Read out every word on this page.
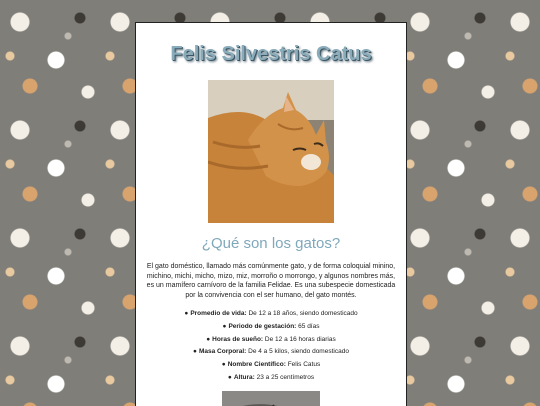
Felis Silvestris Catus
¿Qué son los gatos?

El gato doméstico, llamado más comúnmente gato, y de forma coloquial minino, michino, michi, micho, mizo, miz, morroño o morrongo, y algunos nombres más, es un mamífero carnívoro de la familia Felidae. Es una subespecie domesticada por la convivencia con el ser humano, del gato montés.

● Promedio de vida: De 12 a 18 años, siendo domesticado
● Periodo de gestación: 65 días
● Horas de sueño: De 12 a 16 horas diarias
● Masa Corporal: De 4 a 5 kilos, siendo domesticado
● Nombre Científico: Felis Catus
● Altura: 23 a 25 centímetros
